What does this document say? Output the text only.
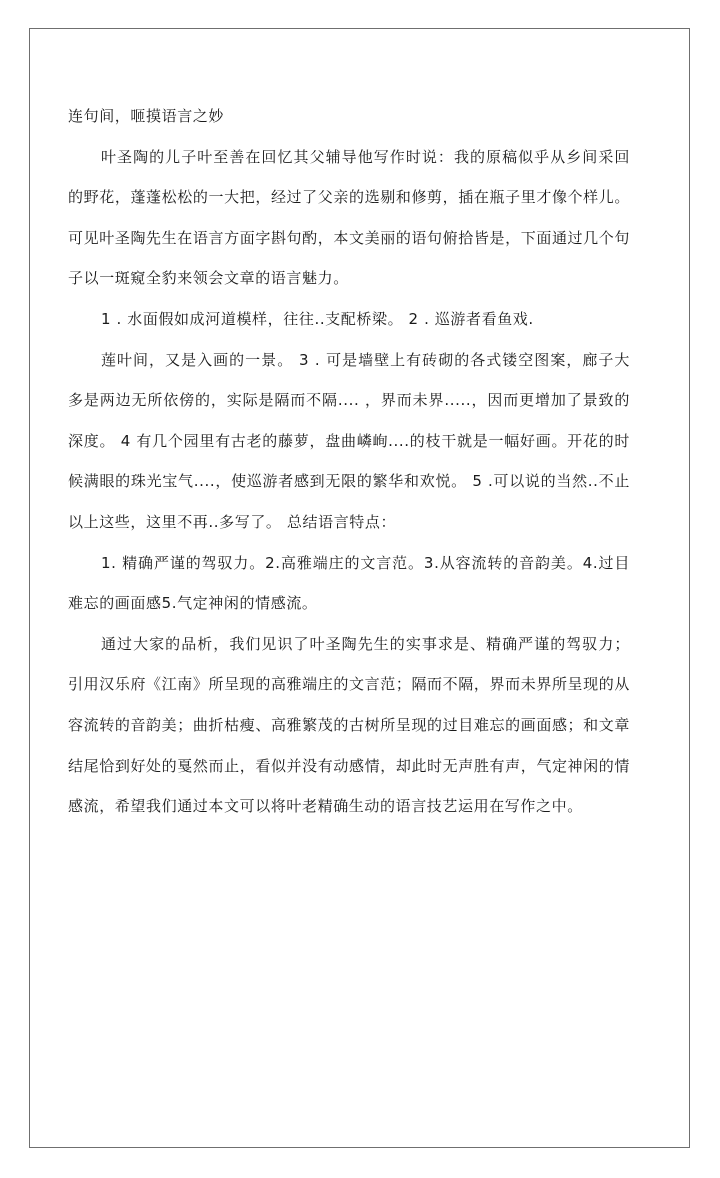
连句间，咂摸语言之妙

叶圣陶的儿子叶至善在回忆其父辅导他写作时说：我的原稿似乎从乡间采回的野花，蓬蓬松松的一大把，经过了父亲的选剔和修剪，插在瓶子里才像个样儿。可见叶圣陶先生在语言方面字斟句酌，本文美丽的语句俯拾皆是，下面通过几个句子以一斑窥全豹来领会文章的语言魅力。

1 . 水面假如成河道模样，往往..支配桥梁。 2 . 巡游者看鱼戏.

莲叶间，又是入画的一景。 3 . 可是墙壁上有砖砌的各式镂空图案，廊子大多是两边无所依傍的，实际是隔而不隔.... ，界而未界.....，因而更增加了景致的深度。 4 有几个园里有古老的藤萝，盘曲嶙峋....的枝干就是一幅好画。开花的时候满眼的珠光宝气....，使巡游者感到无限的繁华和欢悦。 5 .可以说的当然..不止以上这些，这里不再..多写了。 总结语言特点：

1. 精确严谨的驾驭力。2.高雅端庄的文言范。3.从容流转的音韵美。4.过目难忘的画面感5.气定神闲的情感流。

通过大家的品析，我们见识了叶圣陶先生的实事求是、精确严谨的驾驭力；引用汉乐府《江南》所呈现的高雅端庄的文言范；隔而不隔，界而未界所呈现的从容流转的音韵美；曲折枯瘦、高雅繁茂的古树所呈现的过目难忘的画面感；和文章结尾恰到好处的戛然而止，看似并没有动感情，却此时无声胜有声，气定神闲的情感流，希望我们通过本文可以将叶老精确生动的语言技艺运用在写作之中。
